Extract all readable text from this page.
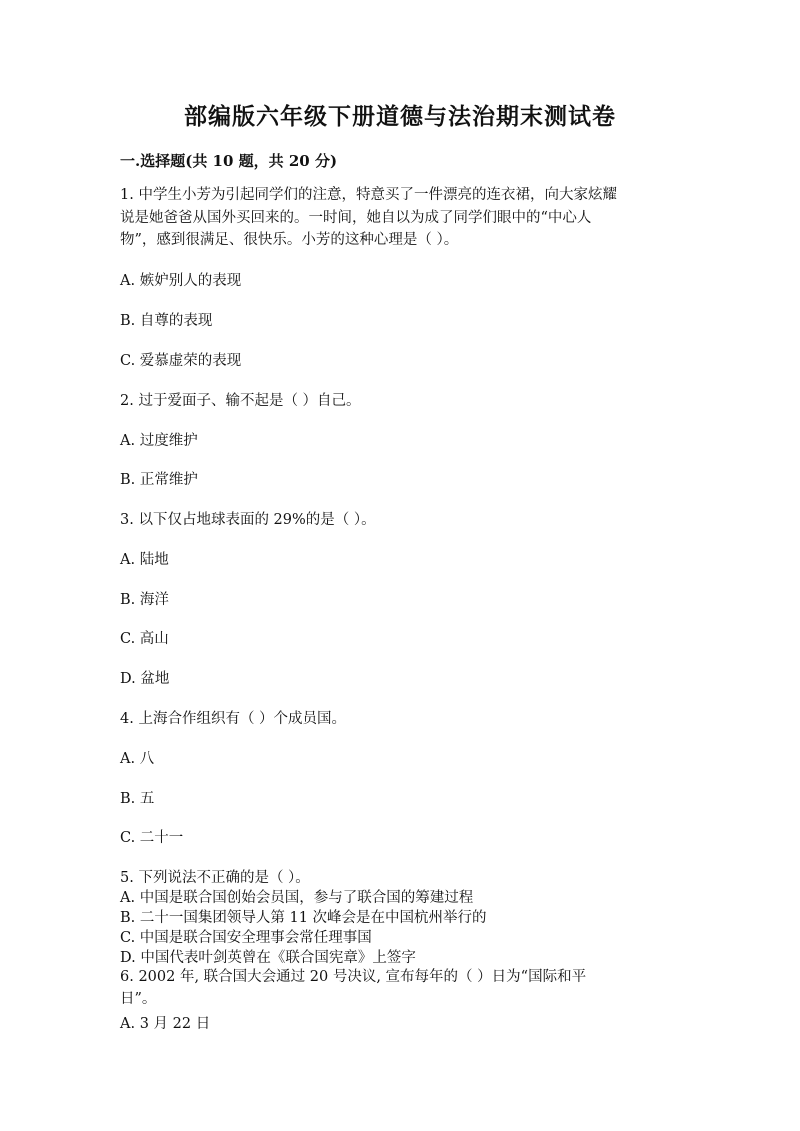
部编版六年级下册道德与法治期末测试卷
一.选择题(共 10 题，共 20 分)
1. 中学生小芳为引起同学们的注意，特意买了一件漂亮的连衣裙，向大家炫耀
说是她爸爸从国外买回来的。一时间，她自以为成了同学们眼中的“中心人
物”，感到很满足、很快乐。小芳的这种心理是（ ）。
A. 嫉妒别人的表现
B. 自尊的表现
C. 爱慕虚荣的表现
2. 过于爱面子、输不起是（ ）自己。
A. 过度维护
B. 正常维护
3. 以下仅占地球表面的 29%的是（ ）。
A. 陆地
B. 海洋
C. 高山
D. 盆地
4. 上海合作组织有（ ）个成员国。
A. 八
B. 五
C. 二十一
5. 下列说法不正确的是（ ）。
A. 中国是联合国创始会员国，参与了联合国的筹建过程
B. 二十一国集团领导人第 11 次峰会是在中国杭州举行的
C. 中国是联合国安全理事会常任理事国
D. 中国代表叶剑英曾在《联合国宪章》上签字
6. 2002 年, 联合国大会通过 20 号决议, 宣布每年的（ ）日为“国际和平
日”。
A. 3 月 22 日
